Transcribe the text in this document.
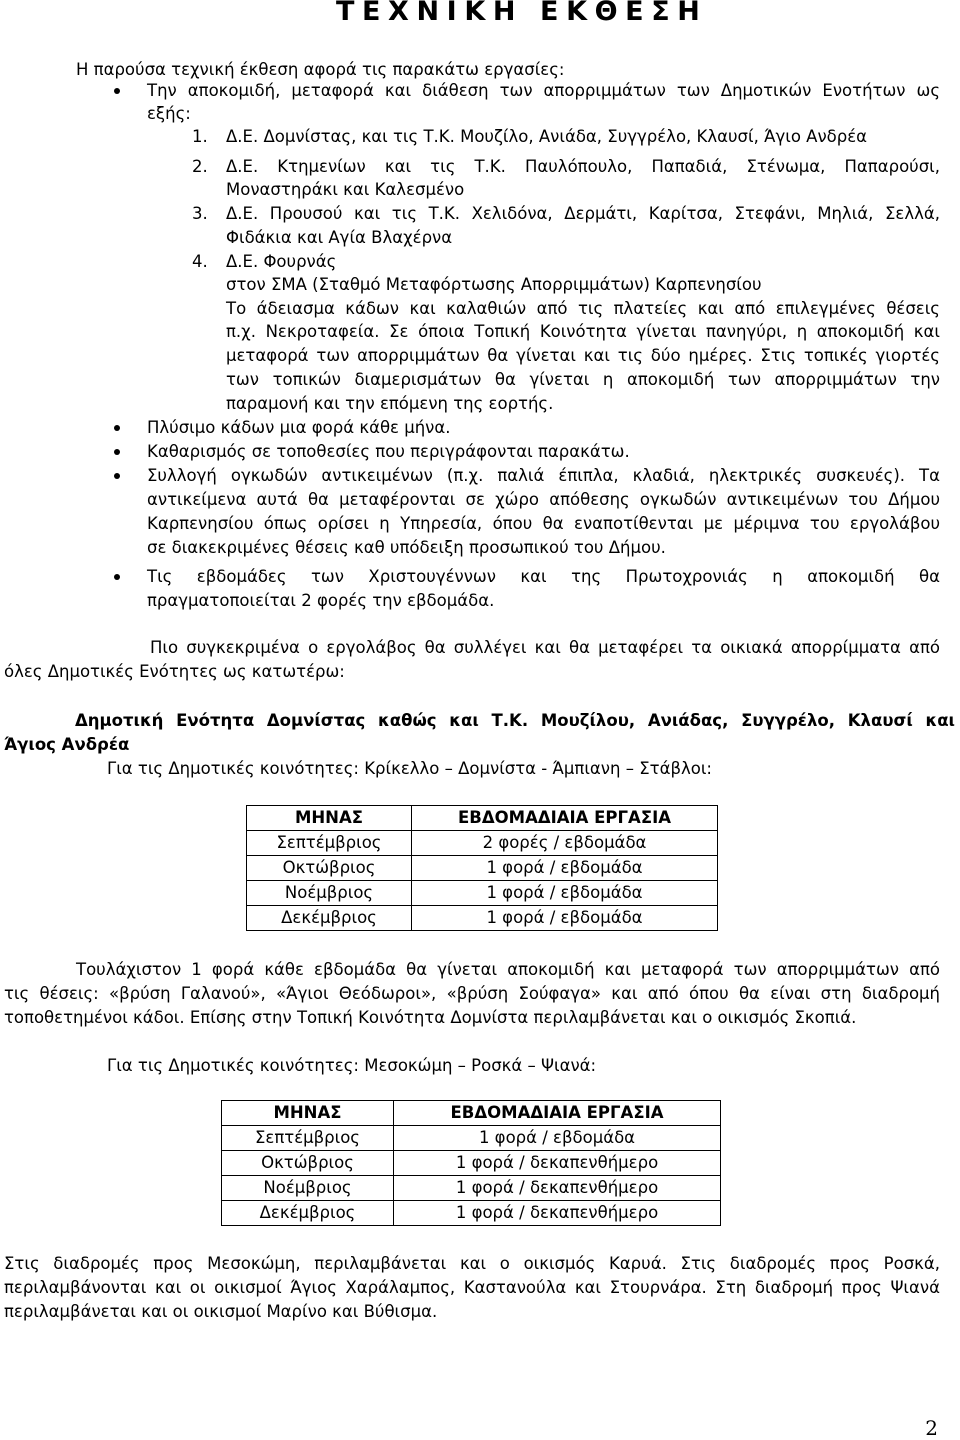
ΤΕΧΝΙΚΗ ΕΚΘΕΣΗ
Η παρούσα τεχνική έκθεση αφορά τις παρακάτω εργασίες:
Την αποκομιδή, μεταφορά και διάθεση των απορριμμάτων των Δημοτικών Ενοτήτων ως
εξής:
1. Δ.Ε. Δομνίστας, και τις Τ.Κ. Μουζίλο, Ανιάδα, Συγγρέλο, Κλαυσί, Άγιο Ανδρέα
2. Δ.Ε. Κτημενίων και τις Τ.Κ. Παυλόπουλο, Παπαδιά, Στένωμα, Παπαρούσι,
Μοναστηράκι και Καλεσμένο
3. Δ.Ε. Προυσού και τις Τ.Κ. Χελιδόνα, Δερμάτι, Καρίτσα, Στεφάνι, Μηλιά, Σελλά,
Φιδάκια και Αγία Βλαχέρνα
4. Δ.Ε. Φουρνάς
στον ΣΜΑ (Σταθμό Μεταφόρτωσης Απορριμμάτων) Καρπενησίου
Το άδειασμα κάδων και καλαθιών από τις πλατείες και από επιλεγμένες θέσεις
π.χ. Νεκροταφεία. Σε όποια Τοπική Κοινότητα γίνεται πανηγύρι, η αποκομιδή και
μεταφορά των απορριμμάτων θα γίνεται και τις δύο ημέρες. Στις τοπικές γιορτές
των τοπικών διαμερισμάτων θα γίνεται η αποκομιδή των απορριμμάτων την
παραμονή και την επόμενη της εορτής.
Πλύσιμο κάδων μια φορά κάθε μήνα.
Καθαρισμός σε τοποθεσίες που περιγράφονται παρακάτω.
Συλλογή ογκωδών αντικειμένων (π.χ. παλιά έπιπλα, κλαδιά, ηλεκτρικές συσκευές). Τα
αντικείμενα αυτά θα μεταφέρονται σε χώρο απόθεσης ογκωδών αντικειμένων του Δήμου
Καρπενησίου όπως ορίσει η Υπηρεσία, όπου θα εναποτίθενται με μέριμνα του εργολάβου
σε διακεκριμένες θέσεις καθ υπόδειξη προσωπικού του Δήμου.
Τις εβδομάδες των Χριστουγέννων και της Πρωτοχρονιάς η αποκομιδή θα
πραγματοποιείται 2 φορές την εβδομάδα.
Πιο συγκεκριμένα ο εργολάβος θα συλλέγει και θα μεταφέρει τα οικιακά απορρίμματα από
όλες Δημοτικές Ενότητες ως κατωτέρω:
Δημοτική Ενότητα Δομνίστας καθώς και Τ.Κ. Μουζίλου, Ανιάδας, Συγγρέλο, Κλαυσί και
Άγιος Ανδρέα
Για τις Δημοτικές κοινότητες: Κρίκελλο – Δομνίστα - Άμπιανη – Στάβλοι:
ΜΗΝΑΣ	ΕΒΔΟΜΑΔΙΑΙΑ ΕΡΓΑΣΙΑ
Σεπτέμβριος	2 φορές / εβδομάδα
Οκτώβριος	1 φορά / εβδομάδα
Νοέμβριος	1 φορά / εβδομάδα
Δεκέμβριος	1 φορά / εβδομάδα
Τουλάχιστον 1 φορά κάθε εβδομάδα θα γίνεται αποκομιδή και μεταφορά των απορριμμάτων από
τις θέσεις: «βρύση Γαλανού», «Άγιοι Θεόδωροι», «βρύση Σούφαγα» και από όπου θα είναι στη διαδρομή
τοποθετημένοι κάδοι. Επίσης στην Τοπική Κοινότητα Δομνίστα περιλαμβάνεται και ο οικισμός Σκοπιά.
Για τις Δημοτικές κοινότητες: Μεσοκώμη – Ροσκά – Ψιανά:
ΜΗΝΑΣ	ΕΒΔΟΜΑΔΙΑΙΑ ΕΡΓΑΣΙΑ
Σεπτέμβριος	1 φορά / εβδομάδα
Οκτώβριος	1 φορά / δεκαπενθήμερο
Νοέμβριος	1 φορά / δεκαπενθήμερο
Δεκέμβριος	1 φορά / δεκαπενθήμερο
Στις διαδρομές προς Μεσοκώμη, περιλαμβάνεται και ο οικισμός Καρυά. Στις διαδρομές προς Ροσκά,
περιλαμβάνονται και οι οικισμοί Άγιος Χαράλαμπος, Καστανούλα και Στουρνάρα. Στη διαδρομή προς Ψιανά
περιλαμβάνεται και οι οικισμοί Μαρίνο και Βύθισμα.
2
